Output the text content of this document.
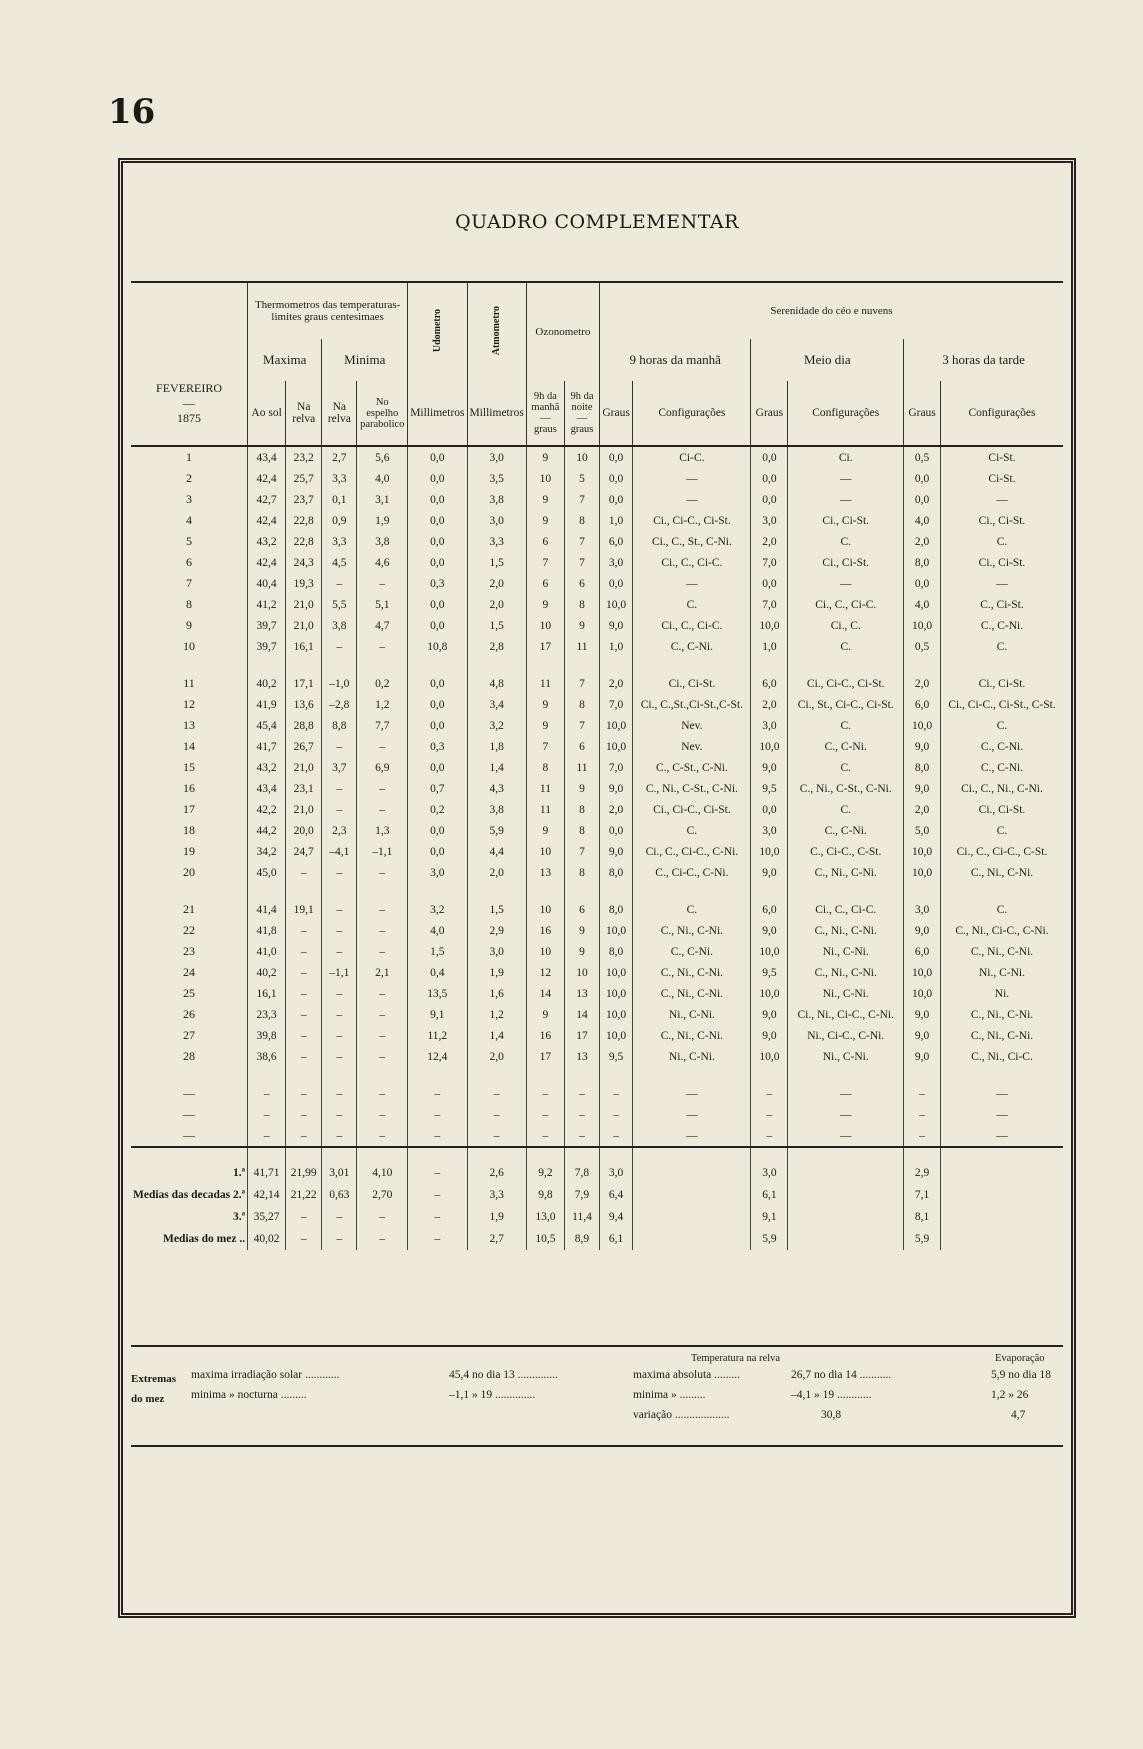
16
QUADRO COMPLEMENTAR
	Thermometros das temperaturas-limites graus centesimaes				Udometro	Atmometro	Ozonometro		Serenidade do céo e nuvens					
	Maxima		Minima						9 horas da manhã		Meio dia		3 horas da tarde	

FEVEREIRO
—
1875	Ao sol	Na relva	Na relva	No espelho parabolico	Millimetros	Millimetros	9h da manhã — graus	9h da noite — graus	Graus	Configurações	Graus	Configurações	Graus	Configurações
1	43,4	23,2	2,7	5,6	0,0	3,0	9	10	0,0	Ci-C.	0,0	Ci.	0,5	Ci-St.
2	42,4	25,7	3,3	4,0	0,0	3,5	10	5	0,0	—	0,0	—	0,0	Ci-St.
3	42,7	23,7	0,1	3,1	0,0	3,8	9	7	0,0	—	0,0	—	0,0	—
4	42,4	22,8	0,9	1,9	0,0	3,0	9	8	1,0	Ci., Ci-C., Ci-St.	3,0	Ci., Ci-St.	4,0	Ci., Ci-St.
5	43,2	22,8	3,3	3,8	0,0	3,3	6	7	6,0	Ci., C., St., C-Ni.	2,0	C.	2,0	C.
6	42,4	24,3	4,5	4,6	0,0	1,5	7	7	3,0	Ci., C., Ci-C.	7,0	Ci., Ci-St.	8,0	Ci., Ci-St.
7	40,4	19,3	–	–	0,3	2,0	6	6	0,0	—	0,0	—	0,0	—
8	41,2	21,0	5,5	5,1	0,0	2,0	9	8	10,0	C.	7,0	Ci., C., Ci-C.	4,0	C., Ci-St.
9	39,7	21,0	3,8	4,7	0,0	1,5	10	9	9,0	Ci., C., Ci-C.	10,0	Ci., C.	10,0	C., C-Ni.
10	39,7	16,1	–	–	10,8	2,8	17	11	1,0	C., C-Ni.	1,0	C.	0,5	C.

11	40,2	17,1	–1,0	0,2	0,0	4,8	11	7	2,0	Ci., Ci-St.	6,0	Ci., Ci-C., Ci-St.	2,0	Ci., Ci-St.
12	41,9	13,6	–2,8	1,2	0,0	3,4	9	8	7,0	Ci., C.,St.,Ci-St.,C-St.	2,0	Ci., St., Ci-C., Ci-St.	6,0	Ci., Ci-C., Ci-St., C-St.
13	45,4	28,8	8,8	7,7	0,0	3,2	9	7	10,0	Nev.	3,0	C.	10,0	C.
14	41,7	26,7	–	–	0,3	1,8	7	6	10,0	Nev.	10,0	C., C-Ni.	9,0	C., C-Ni.
15	43,2	21,0	3,7	6,9	0,0	1,4	8	11	7,0	C., C-St., C-Ni.	9,0	C.	8,0	C., C-Ni.
16	43,4	23,1	–	–	0,7	4,3	11	9	9,0	C., Ni., C-St., C-Ni.	9,5	C., Ni., C-St., C-Ni.	9,0	Ci., C., Ni., C-Ni.
17	42,2	21,0	–	–	0,2	3,8	11	8	2,0	Ci., Ci-C., Ci-St.	0,0	C.	2,0	Ci., Ci-St.
18	44,2	20,0	2,3	1,3	0,0	5,9	9	8	0,0	C.	3,0	C., C-Ni.	5,0	C.
19	34,2	24,7	–4,1	–1,1	0,0	4,4	10	7	9,0	Ci., C., Ci-C., C-Ni.	10,0	C., Ci-C., C-St.	10,0	Ci., C., Ci-C., C-St.
20	45,0	–	–	–	3,0	2,0	13	8	8,0	C., Ci-C., C-Ni.	9,0	C., Ni., C-Ni.	10,0	C., Ni., C-Ni.

21	41,4	19,1	–	–	3,2	1,5	10	6	8,0	C.	6,0	Ci., C., Ci-C.	3,0	C.
22	41,8	–	–	–	4,0	2,9	16	9	10,0	C., Ni., C-Ni.	9,0	C., Ni., C-Ni.	9,0	C., Ni., Ci-C., C-Ni.
23	41,0	–	–	–	1,5	3,0	10	9	8,0	C., C-Ni.	10,0	Ni., C-Ni.	6,0	C., Ni., C-Ni.
24	40,2	–	–1,1	2,1	0,4	1,9	12	10	10,0	C., Ni., C-Ni.	9,5	C., Ni., C-Ni.	10,0	Ni., C-Ni.
25	16,1	–	–	–	13,5	1,6	14	13	10,0	C., Ni., C-Ni.	10,0	Ni., C-Ni.	10,0	Ni.
26	23,3	–	–	–	9,1	1,2	9	14	10,0	Ni., C-Ni.	9,0	Ci., Ni., Ci-C., C-Ni.	9,0	C., Ni., C-Ni.
27	39,8	–	–	–	11,2	1,4	16	17	10,0	C., Ni., C-Ni.	9,0	Ni., Ci-C., C-Ni.	9,0	C., Ni., C-Ni.
28	38,6	–	–	–	12,4	2,0	17	13	9,5	Ni., C-Ni.	10,0	Ni., C-Ni.	9,0	C., Ni., Ci-C.

—	–	–	–	–	–	–	–	–	–	—	–	—	–	—
—	–	–	–	–	–	–	–	–	–	—	–	—	–	—
—	–	–	–	–	–	–	–	–	–	—	–	—	–	—
1.ª	41,71	21,99	3,01	4,10	–	2,6	9,2	7,8	3,0		3,0		2,9	
Medias das decadas 2.ª	42,14	21,22	0,63	2,70	–	3,3	9,8	7,9	6,4		6,1		7,1	
3.ª	35,27	–	–	–	–	1,9	13,0	11,4	9,4		9,1		8,1	
Medias do mez ..	40,02	–	–	–	–	2,7	10,5	8,9	6,1		5,9		5,9	
Temperatura na relva	Evaporação
Extremas do mez
maxima irradiação solar ............	45,4 no dia 13 ..............	maxima absoluta .........	26,7 no dia 14 ...........	5,9 no dia 18
minima » nocturna .........	–1,1 » 19 ..............	minima » .........	–4,1 » 19 ............	1,2 » 26
variação ...................	30,8	4,7
